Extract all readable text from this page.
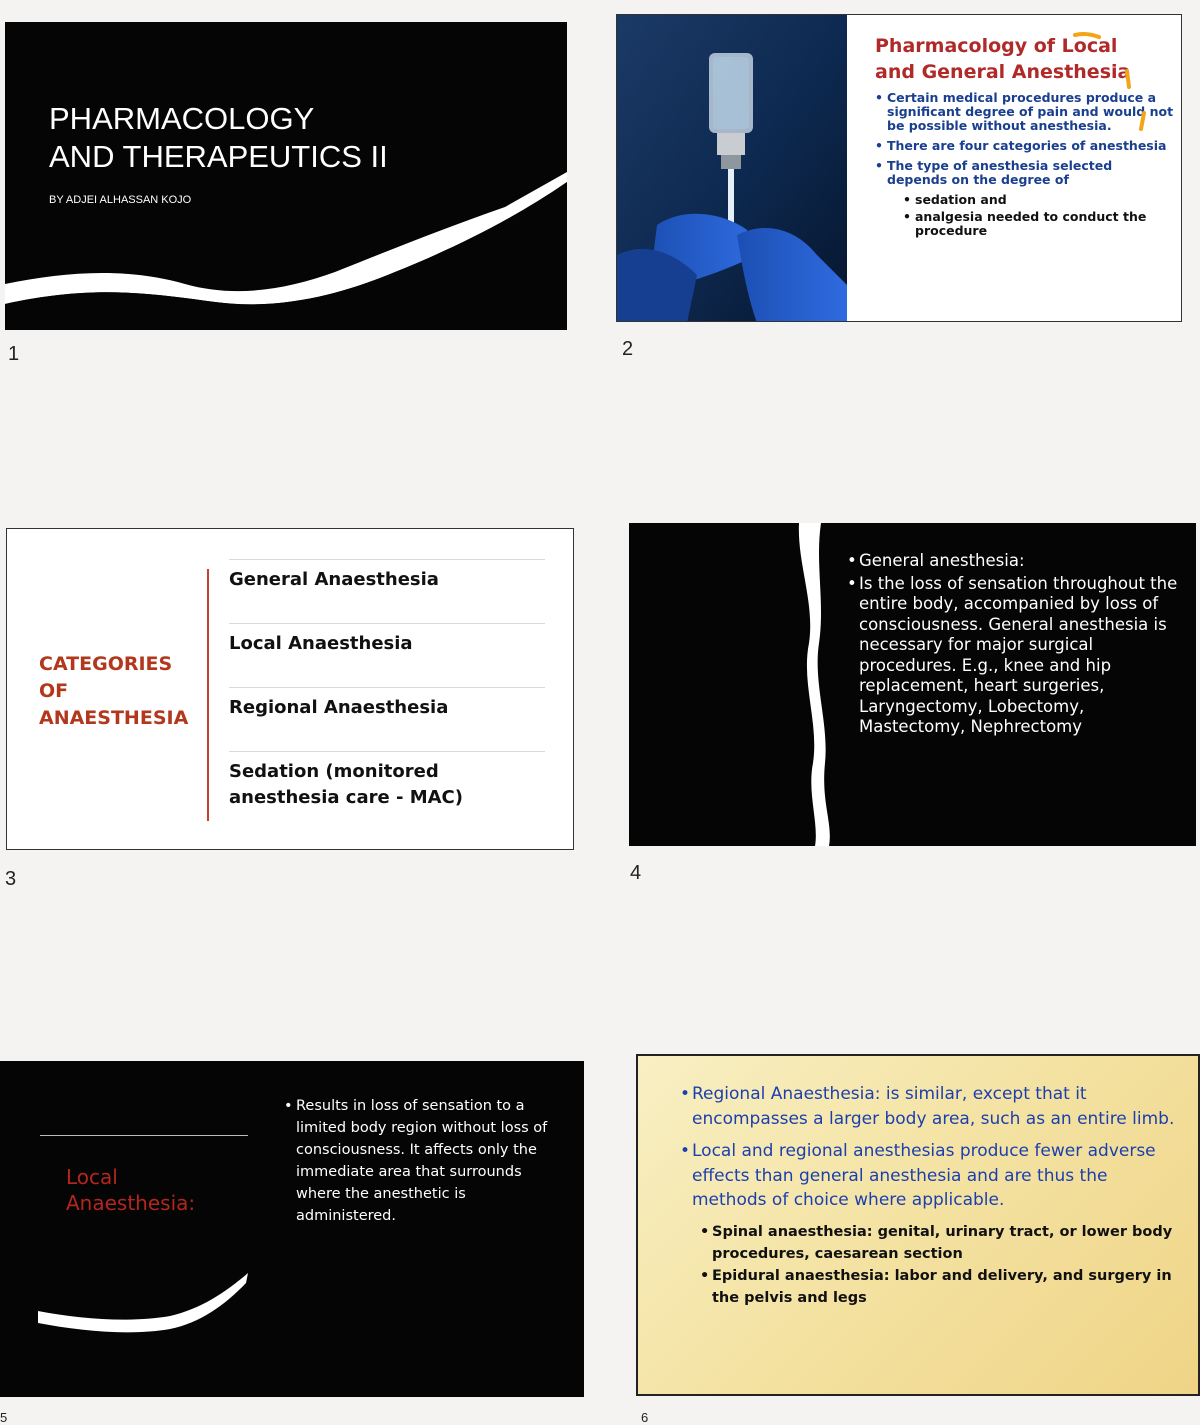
PHARMACOLOGY
AND THERAPEUTICS II
BY ADJEI ALHASSAN KOJO
1
Pharmacology of Local
and General Anesthesia
• Certain medical procedures produce a significant degree of pain and would not be possible without anesthesia.
• There are four categories of anesthesia
• The type of anesthesia selected depends on the degree of
• sedation and
• analgesia needed to conduct the procedure
2
CATEGORIES
OF
ANAESTHESIA
General Anaesthesia
Local Anaesthesia
Regional Anaesthesia
Sedation (monitored anesthesia care - MAC)
3
• General anesthesia:
• Is the loss of sensation throughout the entire body, accompanied by loss of consciousness. General anesthesia is necessary for major surgical procedures. E.g., knee and hip replacement, heart surgeries, Laryngectomy, Lobectomy, Mastectomy, Nephrectomy
4
Local
Anaesthesia:
• Results in loss of sensation to a limited body region without loss of consciousness. It affects only the immediate area that surrounds where the anesthetic is administered.
5
• Regional Anaesthesia: is similar, except that it encompasses a larger body area, such as an entire limb.
• Local and regional anesthesias produce fewer adverse effects than general anesthesia and are thus the methods of choice where applicable.
• Spinal anaesthesia: genital, urinary tract, or lower body procedures, caesarean section
• Epidural anaesthesia: labor and delivery, and surgery in the pelvis and legs
6
